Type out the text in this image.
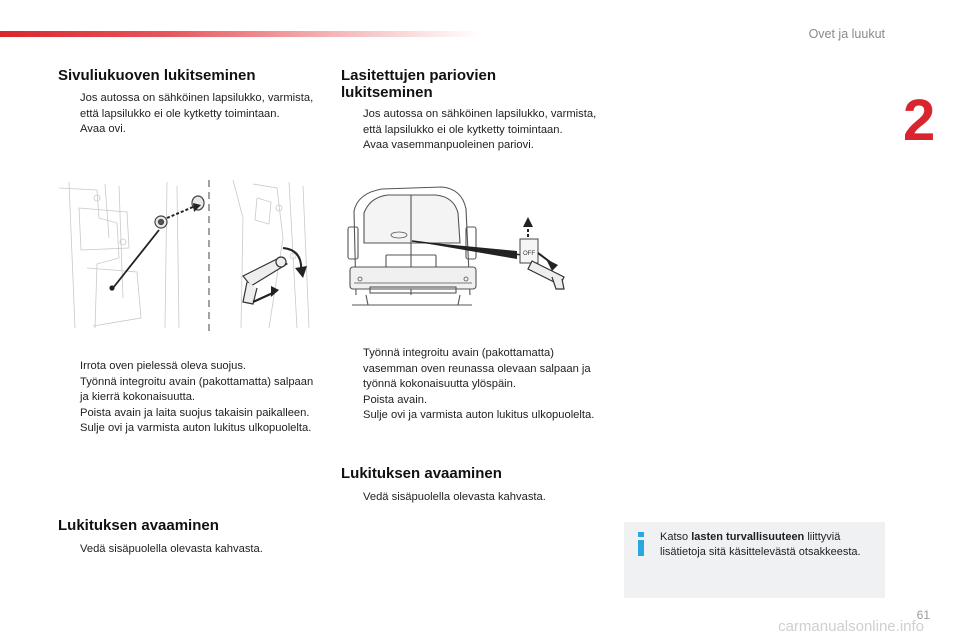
Ovet ja luukut
2
Sivuliukuoven lukitseminen
Jos autossa on sähköinen lapsilukko, varmista, että lapsilukko ei ole kytketty toimintaan.
Avaa ovi.
Irrota oven pielessä oleva suojus.
Työnnä integroitu avain (pakottamatta) salpaan ja kierrä kokonaisuutta.
Poista avain ja laita suojus takaisin paikalleen.
Sulje ovi ja varmista auton lukitus ulkopuolelta.
Lukituksen avaaminen
Vedä sisäpuolella olevasta kahvasta.
Lasitettujen pariovien
lukitseminen
Jos autossa on sähköinen lapsilukko, varmista, että lapsilukko ei ole kytketty toimintaan.
Avaa vasemmanpuoleinen pariovi.
OFF
Työnnä integroitu avain (pakottamatta) vasemman oven reunassa olevaan salpaan ja työnnä kokonaisuutta ylöspäin.
Poista avain.
Sulje ovi ja varmista auton lukitus ulkopuolelta.
Lukituksen avaaminen
Vedä sisäpuolella olevasta kahvasta.
Katso lasten turvallisuuteen liittyviä lisätietoja sitä käsittelevästä otsakkeesta.
61
carmanualsonline.info
